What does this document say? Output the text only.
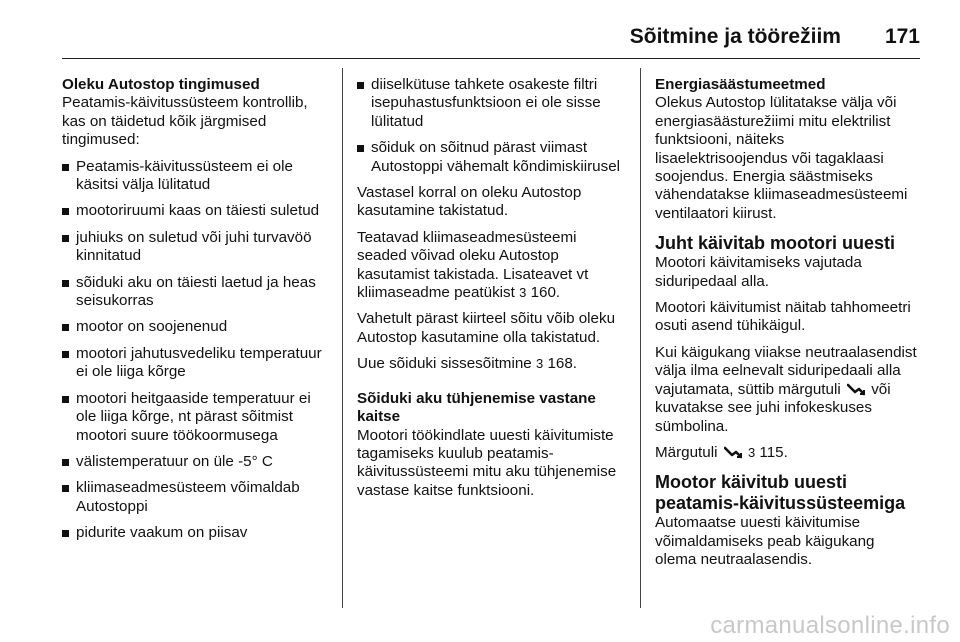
Sõitmine ja töörežiim 171
Oleku Autostop tingimused

Peatamis-käivitussüsteem kontrollib, kas on täidetud kõik järgmised tingimused:

Peatamis-käivitussüsteem ei ole käsitsi välja lülitatud
mootoriruumi kaas on täiesti suletud
juhiuks on suletud või juhi turvavöö kinnitatud
sõiduki aku on täiesti laetud ja heas seisukorras
mootor on soojenenud
mootori jahutusvedeliku temperatuur ei ole liiga kõrge
mootori heitgaaside temperatuur ei ole liiga kõrge, nt pärast sõitmist mootori suure töökoormusega
välistemperatuur on üle -5° C
kliimaseadmesüsteem võimaldab Autostoppi
pidurite vaakum on piisav
diiselkütuse tahkete osakeste filtri isepuhastusfunktsioon ei ole sisse lülitatud
sõiduk on sõitnud pärast viimast Autostoppi vähemalt kõndimiskiirusel

Vastasel korral on oleku Autostop kasutamine takistatud.

Teatavad kliimaseadmesüsteemi seaded võivad oleku Autostop kasutamist takistada. Lisateavet vt kliimaseadme peatükist 3 160.

Vahetult pärast kiirteel sõitu võib oleku Autostop kasutamine olla takistatud.

Uue sõiduki sissesõitmine 3 168.

Sõiduki aku tühjenemise vastane kaitse

Mootori töökindlate uuesti käivitumiste tagamiseks kuulub peatamis-käivitussüsteemi mitu aku tühjenemise vastase kaitse funktsiooni.

Energiasäästumeetmed

Olekus Autostop lülitatakse välja või energiasäästurežiimi mitu elektrilist funktsiooni, näiteks lisaelektrisoojendus või tagaklaasi soojendus. Energia säästmiseks vähendatakse kliimaseadmesüsteemi ventilaatori kiirust.

Juht käivitab mootori uuesti

Mootori käivitamiseks vajutada siduripedaal alla.

Mootori käivitumist näitab tahhomeetri osuti asend tühikäigul.

Kui käigukang viiakse neutraalasendist välja ilma eelnevalt siduripedaali alla vajutamata, süttib märgutuli või kuvatakse see juhi infokeskuses sümbolina.

Märgutuli 3 115.

Mootor käivitub uuesti peatamis-käivitussüsteemiga

Automaatse uuesti käivitumise võimaldamiseks peab käigukang olema neutraalasendis.

carmanualsonline.info
